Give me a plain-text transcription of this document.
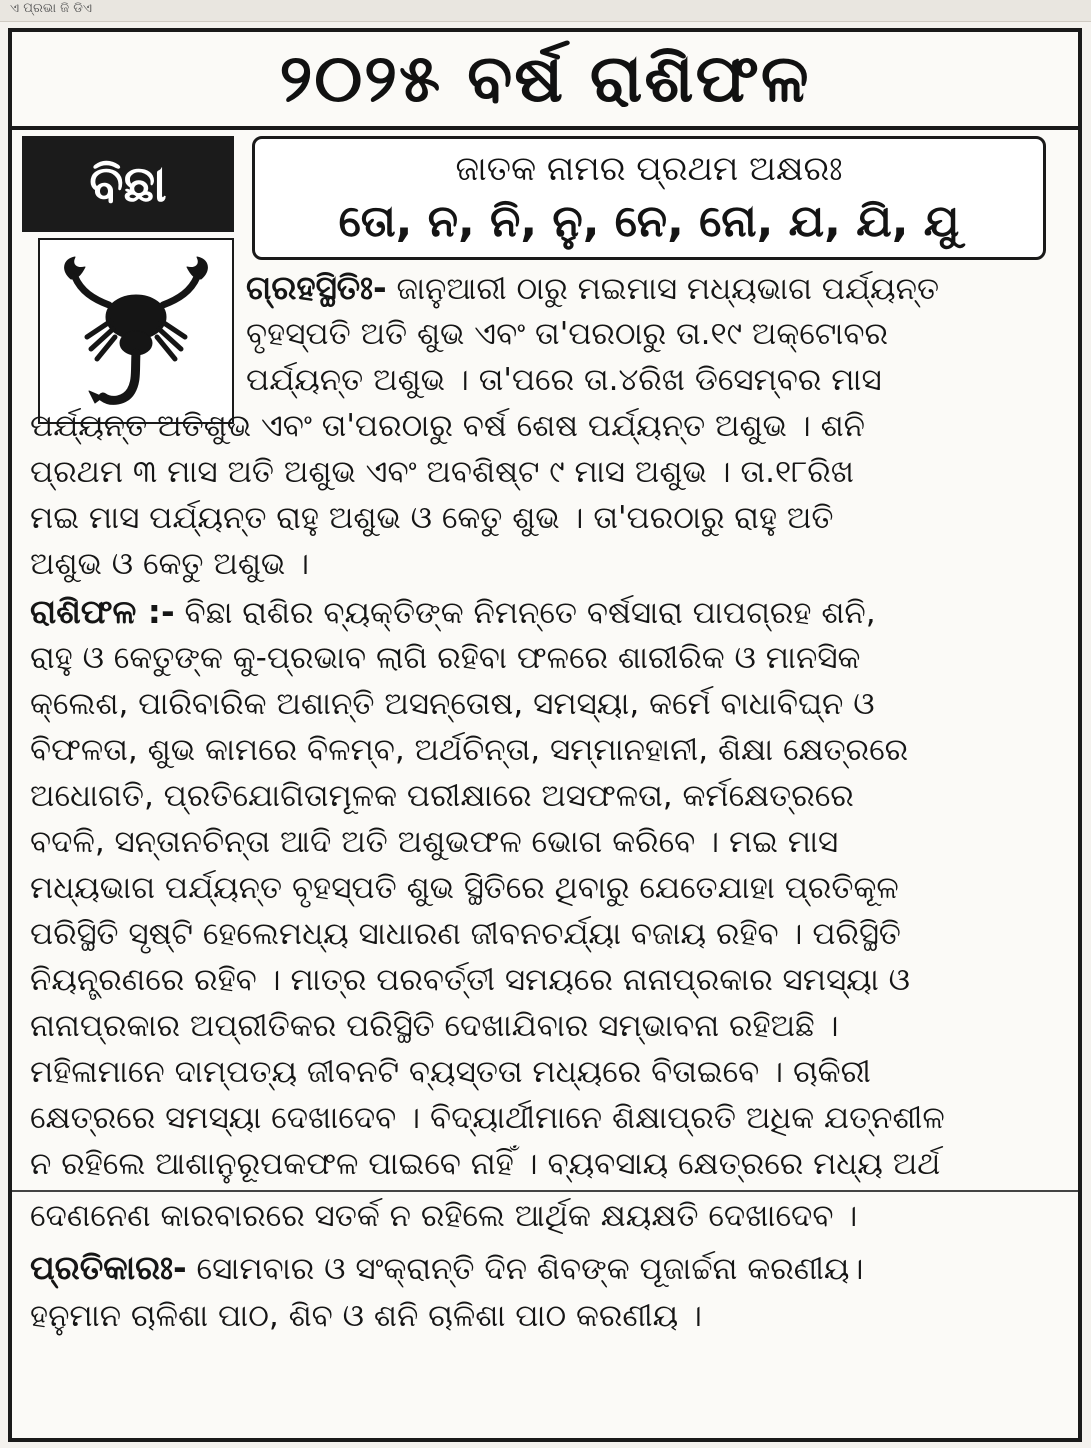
ଏ ପ୍ରଭା ଜି ଡିଏ
୨୦୨୫ ବର୍ଷ ରାଶିଫଳ
ବିଛା	ଜାତକ ନାମର ପ୍ରଥମ ଅକ୍ଷରଃ
ତୋ, ନ, ନି, ନୁ, ନେ, ନୋ, ଯ, ଯି, ଯୁ
ଗ୍ରହସ୍ଥିତିଃ- ଜାନୁଆରୀ ଠାରୁ ମଇମାସ ମଧ୍ୟଭାଗ ପର୍ଯ୍ୟନ୍ତ
ବୃହସ୍ପତି ଅତି ଶୁଭ ଏବଂ ତା'ପରଠାରୁ ତା.୧୯ ଅକ୍ଟୋବର
ପର୍ଯ୍ୟନ୍ତ ଅଶୁଭ । ତା'ପରେ ତା.୪ରିଖ ଡିସେମ୍ବର ମାସ
ପର୍ଯ୍ୟନ୍ତ ଅତିଶୁଭ ଏବଂ ତା'ପରଠାରୁ ବର୍ଷ ଶେଷ ପର୍ଯ୍ୟନ୍ତ ଅଶୁଭ । ଶନି
ପ୍ରଥମ ୩ ମାସ ଅତି ଅଶୁଭ ଏବଂ ଅବଶିଷ୍ଟ ୯ ମାସ ଅଶୁଭ । ତା.୧୮ରିଖ
ମଇ ମାସ ପର୍ଯ୍ୟନ୍ତ ରାହୁ ଅଶୁଭ ଓ କେତୁ ଶୁଭ । ତା'ପରଠାରୁ ରାହୁ ଅତି
ଅଶୁଭ ଓ କେତୁ ଅଶୁଭ ।
ରାଶିଫଳ :- ବିଛା ରାଶିର ବ୍ୟକ୍ତିଙ୍କ ନିମନ୍ତେ ବର୍ଷସାରା ପାପଗ୍ରହ ଶନି,
ରାହୁ ଓ କେତୁଙ୍କ କୁ-ପ୍ରଭାବ ଲାଗି ରହିବା ଫଳରେ ଶାରୀରିକ ଓ ମାନସିକ
କ୍ଲେଶ, ପାରିବାରିକ ଅଶାନ୍ତି ଅସନ୍ତୋଷ, ସମସ୍ୟା, କର୍ମେ ବାଧାବିଘ୍ନ ଓ
ବିଫଳତା, ଶୁଭ କାମରେ ବିଳମ୍ବ, ଅର୍ଥଚିନ୍ତା, ସମ୍ମାନହାନୀ, ଶିକ୍ଷା କ୍ଷେତ୍ରରେ
ଅଧୋଗତି, ପ୍ରତିଯୋଗିତାମୂଳକ ପରୀକ୍ଷାରେ ଅସଫଳତା, କର୍ମକ୍ଷେତ୍ରରେ
ବଦଳି, ସନ୍ତାନଚିନ୍ତା ଆଦି ଅତି ଅଶୁଭଫଳ ଭୋଗ କରିବେ । ମଇ ମାସ
ମଧ୍ୟଭାଗ ପର୍ଯ୍ୟନ୍ତ ବୃହସ୍ପତି ଶୁଭ ସ୍ଥିତିରେ ଥିବାରୁ ଯେତେଯାହା ପ୍ରତିକୂଳ
ପରିସ୍ଥିତି ସୃଷ୍ଟି ହେଲେମଧ୍ୟ ସାଧାରଣ ଜୀବନଚର୍ଯ୍ୟା ବଜାୟ ରହିବ । ପରିସ୍ଥିତି
ନିୟନ୍ତ୍ରଣରେ ରହିବ । ମାତ୍ର ପରବର୍ତ୍ତୀ ସମୟରେ ନାନାପ୍ରକାର ସମସ୍ୟା ଓ
ନାନାପ୍ରକାର ଅପ୍ରୀତିକର ପରିସ୍ଥିତି ଦେଖାଯିବାର ସମ୍ଭାବନା ରହିଅଛି ।
ମହିଳାମାନେ ଦାମ୍ପତ୍ୟ ଜୀବନଟି ବ୍ୟସ୍ତତା ମଧ୍ୟରେ ବିତାଇବେ । ଚାକିରୀ
କ୍ଷେତ୍ରରେ ସମସ୍ୟା ଦେଖାଦେବ । ବିଦ୍ୟାର୍ଥୀମାନେ ଶିକ୍ଷାପ୍ରତି ଅଧିକ ଯତ୍ନଶୀଳ
ନ ରହିଲେ ଆଶାନୁରୂପକଫଳ ପାଇବେ ନାହିଁ । ବ୍ୟବସାୟ କ୍ଷେତ୍ରରେ ମଧ୍ୟ ଅର୍ଥ
ଦେଣନେଣ କାରବାରରେ ସତର୍କ ନ ରହିଲେ ଆର୍ଥିକ କ୍ଷୟକ୍ଷତି ଦେଖାଦେବ ।
ପ୍ରତିକାରଃ- ସୋମବାର ଓ ସଂକ୍ରାନ୍ତି ଦିନ ଶିବଙ୍କ ପୂଜାର୍ଚ୍ଚନା କରଣୀୟ।
ହନୁମାନ ଚାଳିଶା ପାଠ, ଶିବ ଓ ଶନି ଚାଳିଶା ପାଠ କରଣୀୟ ।
